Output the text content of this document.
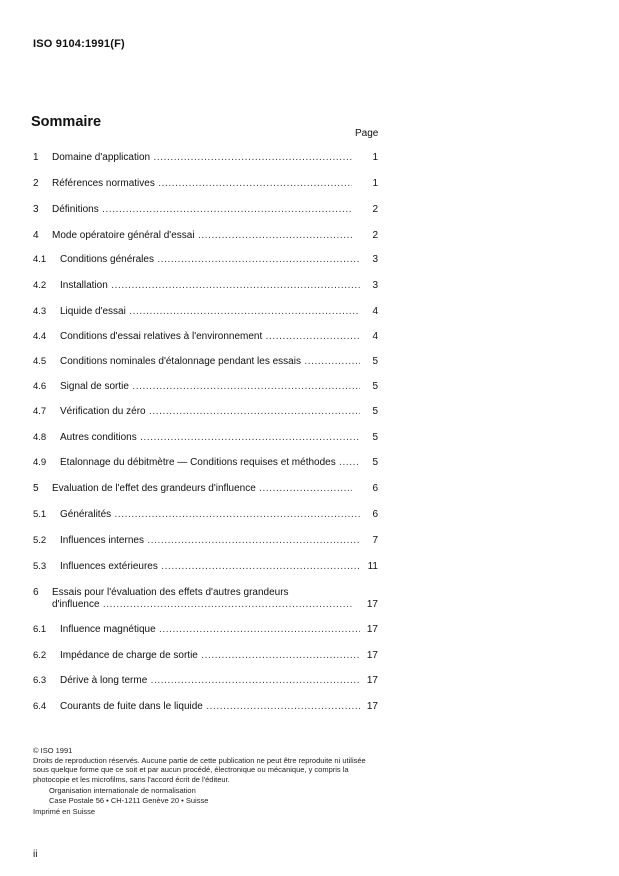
ISO 9104:1991(F)
Sommaire
Page
1	Domaine d'application .....	1
2	Références normatives .....	1
3	Définitions .....	2
4	Mode opératoire général d'essai .....	2
4.1	Conditions générales .....	3
4.2	Installation .....	3
4.3	Liquide d'essai .....	4
4.4	Conditions d'essai relatives à l'environnement .....	4
4.5	Conditions nominales d'étalonnage pendant les essais .....	5
4.6	Signal de sortie .....	5
4.7	Vérification du zéro .....	5
4.8	Autres conditions .....	5
4.9	Étalonnage du débitmètre — Conditions requises et méthodes .....	5
5	Évaluation de l'effet des grandeurs d'influence .....	6
5.1	Généralités .....	6
5.2	Influences internes .....	7
5.3	Influences extérieures .....	11
6	Essais pour l'évaluation des effets d'autres grandeurs
d'influence .....	17
6.1	Influence magnétique .....	17
6.2	Impédance de charge de sortie .....	17
6.3	Dérive à long terme .....	17
6.4	Courants de fuite dans le liquide .....	17

© ISO 1991

Droits de reproduction réservés. Aucune partie de cette publication ne peut être reproduite ni utilisée sous quelque forme que ce soit et par aucun procédé, électronique ou mécanique, y compris la photocopie et les microfilms, sans l'accord écrit de l'éditeur.

Organisation internationale de normalisation

Case Postale 56 • CH-1211 Genève 20 • Suisse

Imprimé en Suisse

ii
